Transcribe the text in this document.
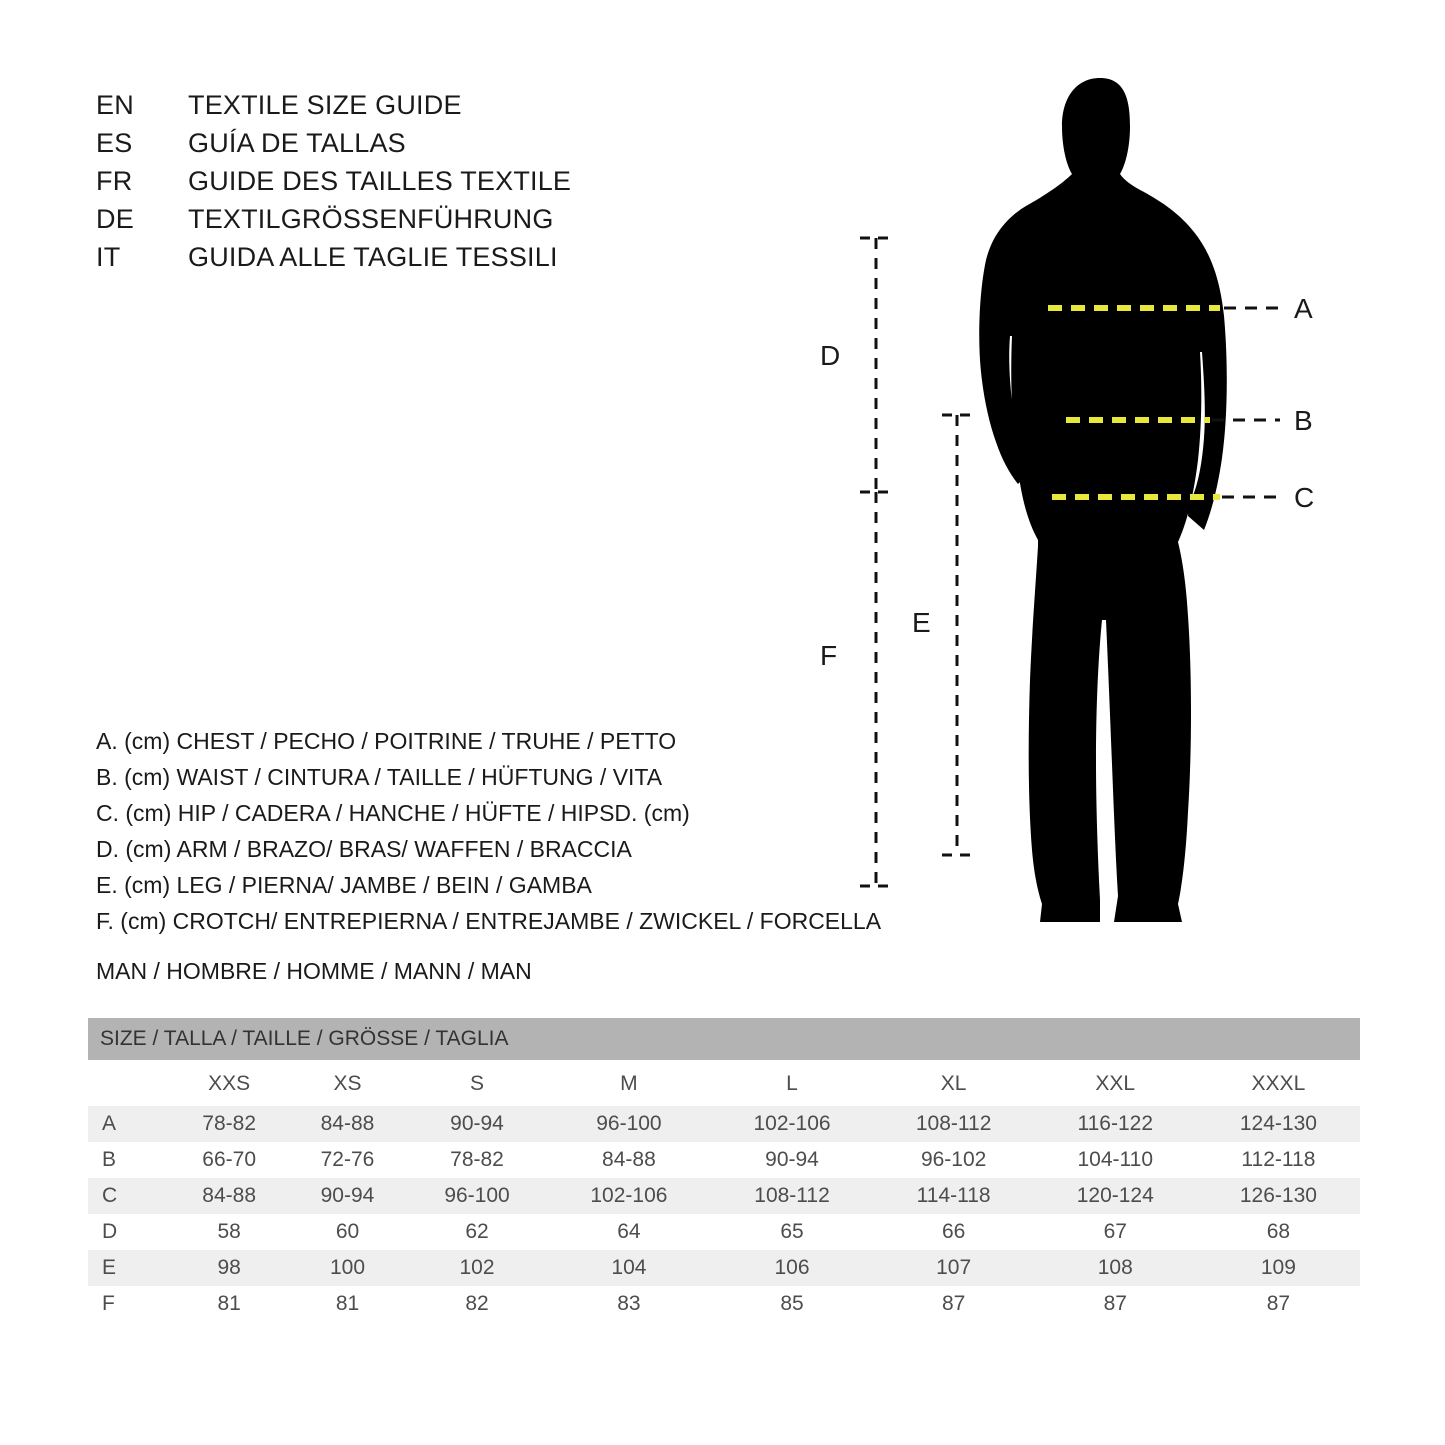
EN	TEXTILE SIZE GUIDE
ES	GUÍA DE TALLAS
FR	GUIDE DES TAILLES TEXTILE
DE	TEXTILGRÖSSENFÜHRUNG
IT	GUIDA ALLE TAGLIE TESSILI
A
B
C
D
E
F
A. (cm) CHEST / PECHO / POITRINE / TRUHE / PETTO
B. (cm) WAIST / CINTURA / TAILLE / HÜFTUNG / VITA
C. (cm) HIP / CADERA / HANCHE / HÜFTE / HIPSD. (cm)
D. (cm) ARM / BRAZO/ BRAS/ WAFFEN / BRACCIA
E. (cm) LEG / PIERNA/ JAMBE / BEIN / GAMBA
F. (cm) CROTCH/ ENTREPIERNA / ENTREJAMBE / ZWICKEL / FORCELLA
MAN / HOMBRE / HOMME / MANN / MAN
SIZE / TALLA / TAILLE / GRÖSSE / TAGLIA								
	XXS	XS	S	M	L	XL	XXL	XXXL
A	78-82	84-88	90-94	96-100	102-106	108-112	116-122	124-130
B	66-70	72-76	78-82	84-88	90-94	96-102	104-110	112-118
C	84-88	90-94	96-100	102-106	108-112	114-118	120-124	126-130
D	58	60	62	64	65	66	67	68
E	98	100	102	104	106	107	108	109
F	81	81	82	83	85	87	87	87
